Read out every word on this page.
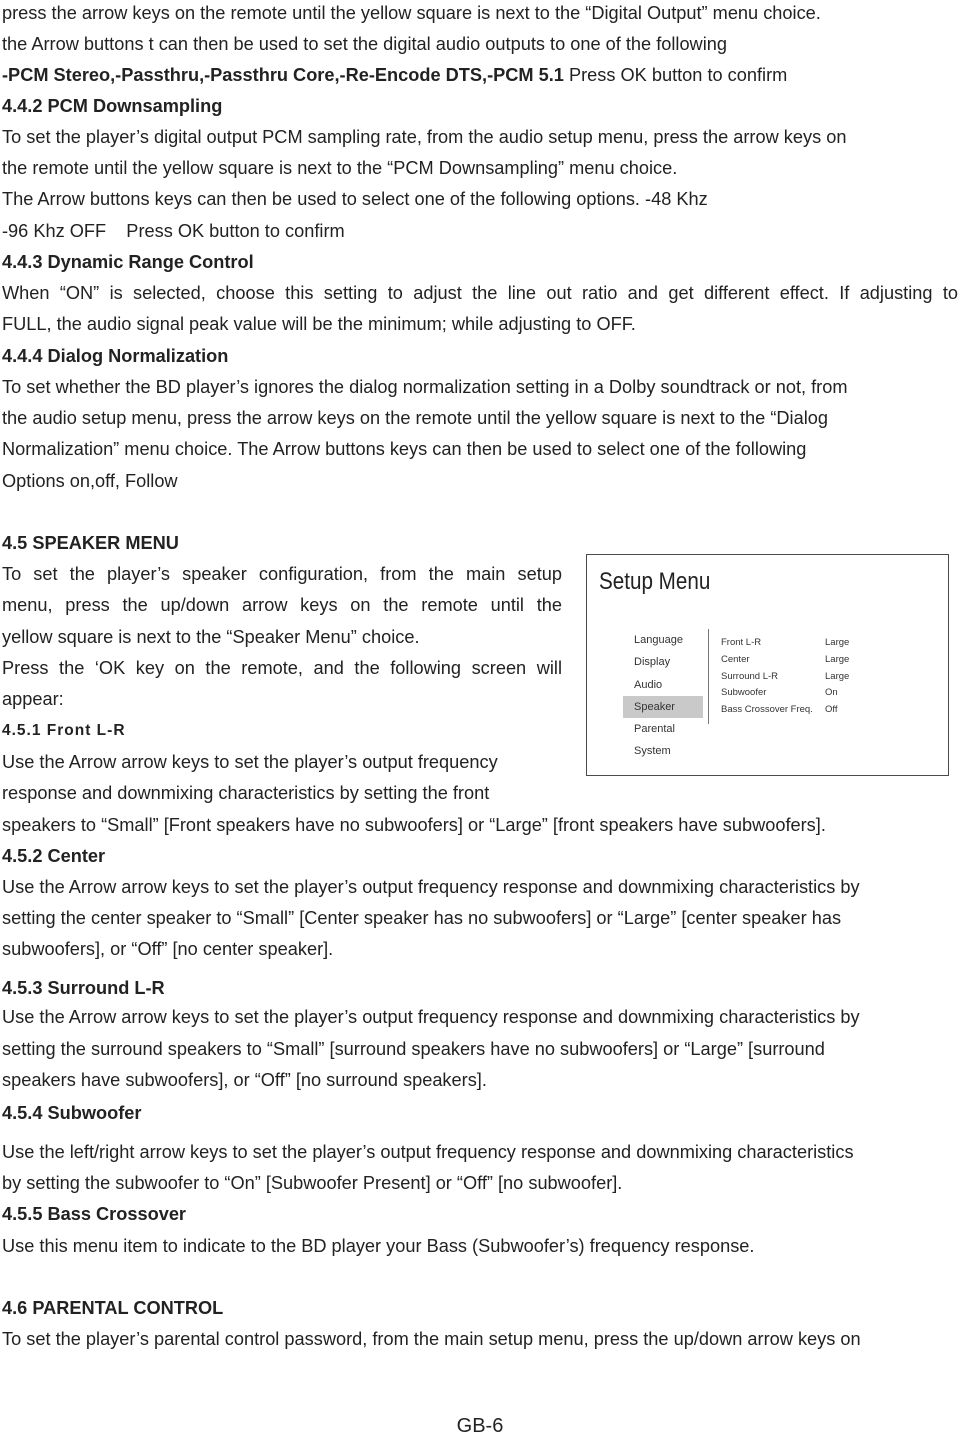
press the arrow keys on the remote until the yellow square is next to the “Digital Output” menu choice.
the Arrow buttons t can then be used to set the digital audio outputs to one of the following
-PCM Stereo,-Passthru,-Passthru Core,-Re-Encode DTS,-PCM 5.1 Press OK button to confirm
4.4.2 PCM Downsampling
To set the player’s digital output PCM sampling rate, from the audio setup menu, press the arrow keys on
the remote until the yellow square is next to the “PCM Downsampling” menu choice.
The Arrow buttons keys can then be used to select one of the following options. -48 Khz
-96 Khz OFF    Press OK button to confirm
4.4.3 Dynamic Range Control
When “ON” is selected, choose this setting to adjust the line out ratio and get different effect. If adjusting to
FULL, the audio signal peak value will be the minimum; while adjusting to OFF.
4.4.4 Dialog Normalization
To set whether the BD player’s ignores the dialog normalization setting in a Dolby soundtrack or not, from
the audio setup menu, press the arrow keys on the remote until the yellow square is next to the “Dialog
Normalization” menu choice. The Arrow buttons keys can then be used to select one of the following
Options on,off, Follow
4.5 SPEAKER MENU
To set the player’s speaker configuration, from the main setup
menu, press the up/down arrow keys on the remote until the
yellow square is next to the “Speaker Menu” choice.
Press the ‘OK key on the remote, and the following screen will
appear:
4.5.1 Front L-R
Use the Arrow arrow keys to set the player’s output frequency
response and downmixing characteristics by setting the front
speakers to “Small” [Front speakers have no subwoofers] or “Large” [front speakers have subwoofers].
4.5.2 Center
Use the Arrow arrow keys to set the player’s output frequency response and downmixing characteristics by
setting the center speaker to “Small” [Center speaker has no subwoofers] or “Large” [center speaker has
subwoofers], or “Off” [no center speaker].
4.5.3 Surround L-R
Use the Arrow arrow keys to set the player’s output frequency response and downmixing characteristics by
setting the surround speakers to “Small” [surround speakers have no subwoofers] or “Large” [surround
speakers have subwoofers], or “Off” [no surround speakers].
4.5.4 Subwoofer
Use the left/right arrow keys to set the player’s output frequency response and downmixing characteristics
by setting the subwoofer to “On” [Subwoofer Present] or “Off” [no subwoofer].
4.5.5 Bass Crossover
Use this menu item to indicate to the BD player your Bass (Subwoofer’s) frequency response.
4.6 PARENTAL CONTROL
To set the player’s parental control password, from the main setup menu, press the up/down arrow keys on
Setup Menu
Language
Display
Audio
Speaker
Parental
System
Front L-R
Center
Surround L-R
Subwoofer
Bass Crossover Freq.
Large
Large
Large
On
Off
GB-6
